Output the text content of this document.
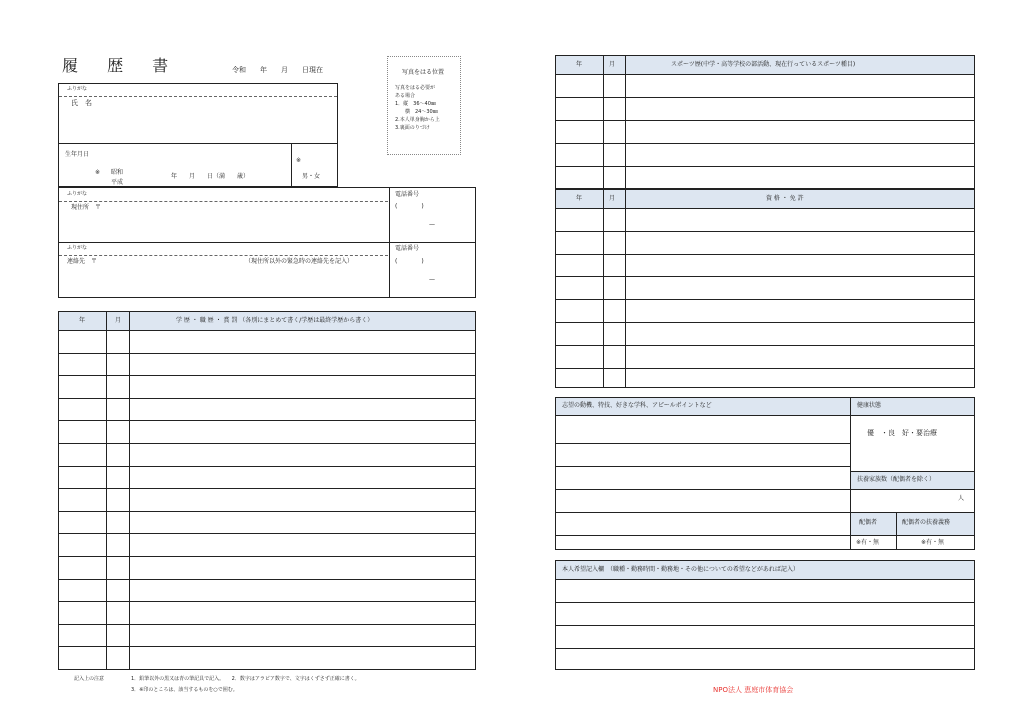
履 歴 書	令和　　年　　月　　日現在	写真をはる位置
写真をはる必要が
ある場合
1．縦　36～40㎜
　　横　24～30㎜
2.本人単身胸から上
3.裏面のりづけ
ふりがな
氏　名
生年月日
※ 昭和
平成
年　　月　　日（満　　歳）
※
男・女
ふりがな
現住所　〒
電話番号
(　　　　)
—
ふりがな
連絡先　〒	（現住所以外の緊急時の連絡先を記入）
電話番号
(　　　　)
—
年	月	学 歴 ・ 職 歴 ・ 賞 罰 （各別にまとめて書く/学歴は最終学歴から書く）
記入上の注意	1．鉛筆以外の黒又は青の筆記具で記入。　　2．数字はアラビア数字で、文字はくずさず正確に書く。
3．※印のところは、該当するものを○で囲む。
年	月	スポーツ歴(中学・高等学校の部活動、現在行っているスポーツ種目)
年	月	資 格 ・ 免 許
志望の動機、特技、好きな学科、アピールポイントなど	健康状態
優　・良　好・要治療
扶養家族数（配偶者を除く）
人
配偶者	配偶者の扶養義務
※有・無	※有・無
本人希望記入欄　（職種・勤務時間・勤務地・その他についての希望などがあれば記入）
NPO法人 恵庭市体育協会
